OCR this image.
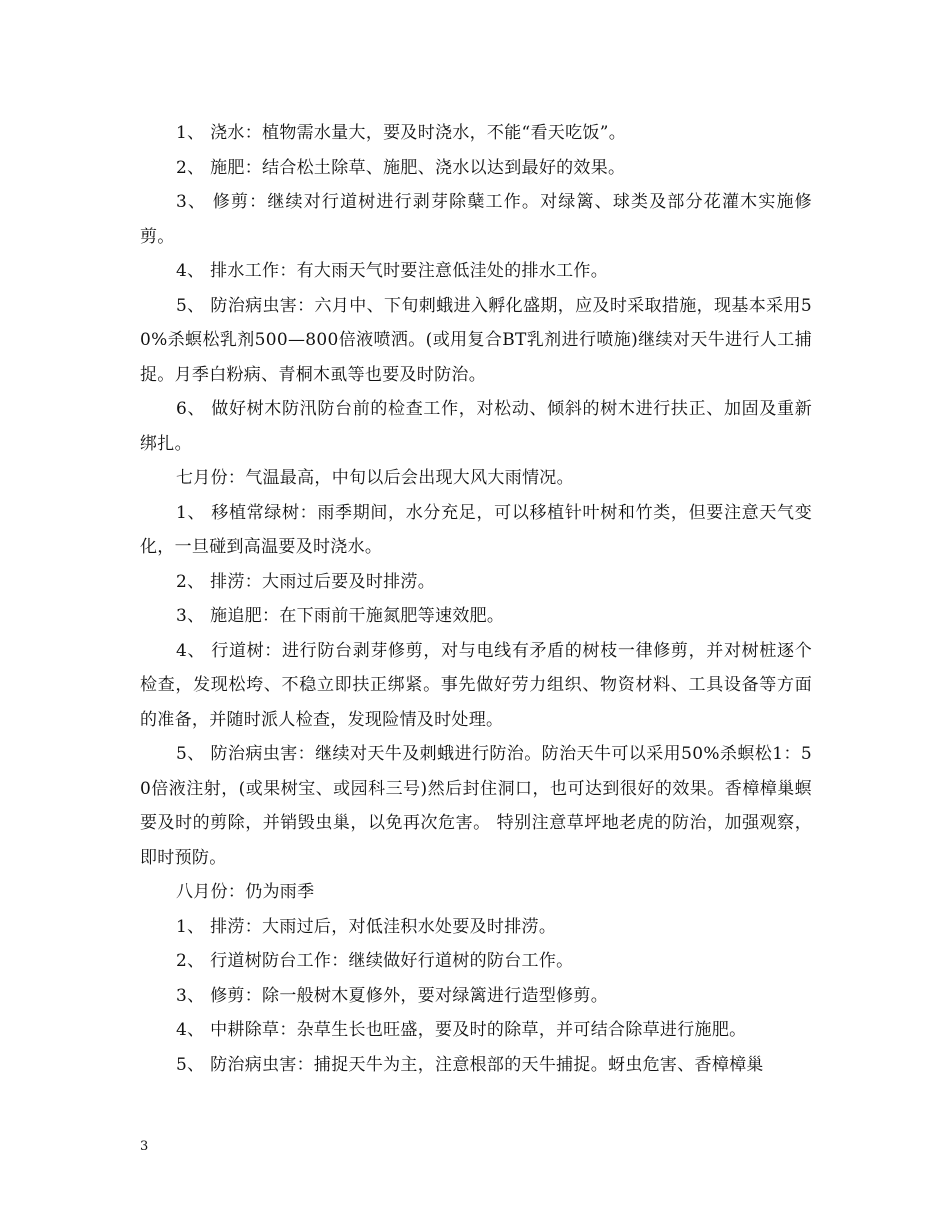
1、 浇水：植物需水量大，要及时浇水，不能“看天吃饭”。

2、 施肥：结合松土除草、施肥、浇水以达到最好的效果。

3、 修剪：继续对行道树进行剥芽除蘖工作。对绿篱、球类及部分花灌木实施修剪。

4、 排水工作：有大雨天气时要注意低洼处的排水工作。

5、 防治病虫害：六月中、下旬刺蛾进入孵化盛期，应及时采取措施，现基本采用50%杀螟松乳剂500—800倍液喷洒。(或用复合BT乳剂进行喷施)继续对天牛进行人工捕捉。月季白粉病、青桐木虱等也要及时防治。

6、 做好树木防汛防台前的检查工作，对松动、倾斜的树木进行扶正、加固及重新绑扎。

七月份：气温最高，中旬以后会出现大风大雨情况。

1、 移植常绿树：雨季期间，水分充足，可以移植针叶树和竹类，但要注意天气变化，一旦碰到高温要及时浇水。

2、 排涝：大雨过后要及时排涝。

3、 施追肥：在下雨前干施氮肥等速效肥。

4、 行道树：进行防台剥芽修剪，对与电线有矛盾的树枝一律修剪，并对树桩逐个检查，发现松垮、不稳立即扶正绑紧。事先做好劳力组织、物资材料、工具设备等方面的准备，并随时派人检查，发现险情及时处理。

5、 防治病虫害：继续对天牛及刺蛾进行防治。防治天牛可以采用50%杀螟松1：50倍液注射，(或果树宝、或园科三号)然后封住洞口，也可达到很好的效果。香樟樟巢螟要及时的剪除，并销毁虫巢，以免再次危害。 特别注意草坪地老虎的防治，加强观察，即时预防。

八月份：仍为雨季

1、 排涝：大雨过后，对低洼积水处要及时排涝。

2、 行道树防台工作：继续做好行道树的防台工作。

3、 修剪：除一般树木夏修外，要对绿篱进行造型修剪。

4、 中耕除草：杂草生长也旺盛，要及时的除草，并可结合除草进行施肥。

5、 防治病虫害：捕捉天牛为主，注意根部的天牛捕捉。蚜虫危害、香樟樟巢

3
